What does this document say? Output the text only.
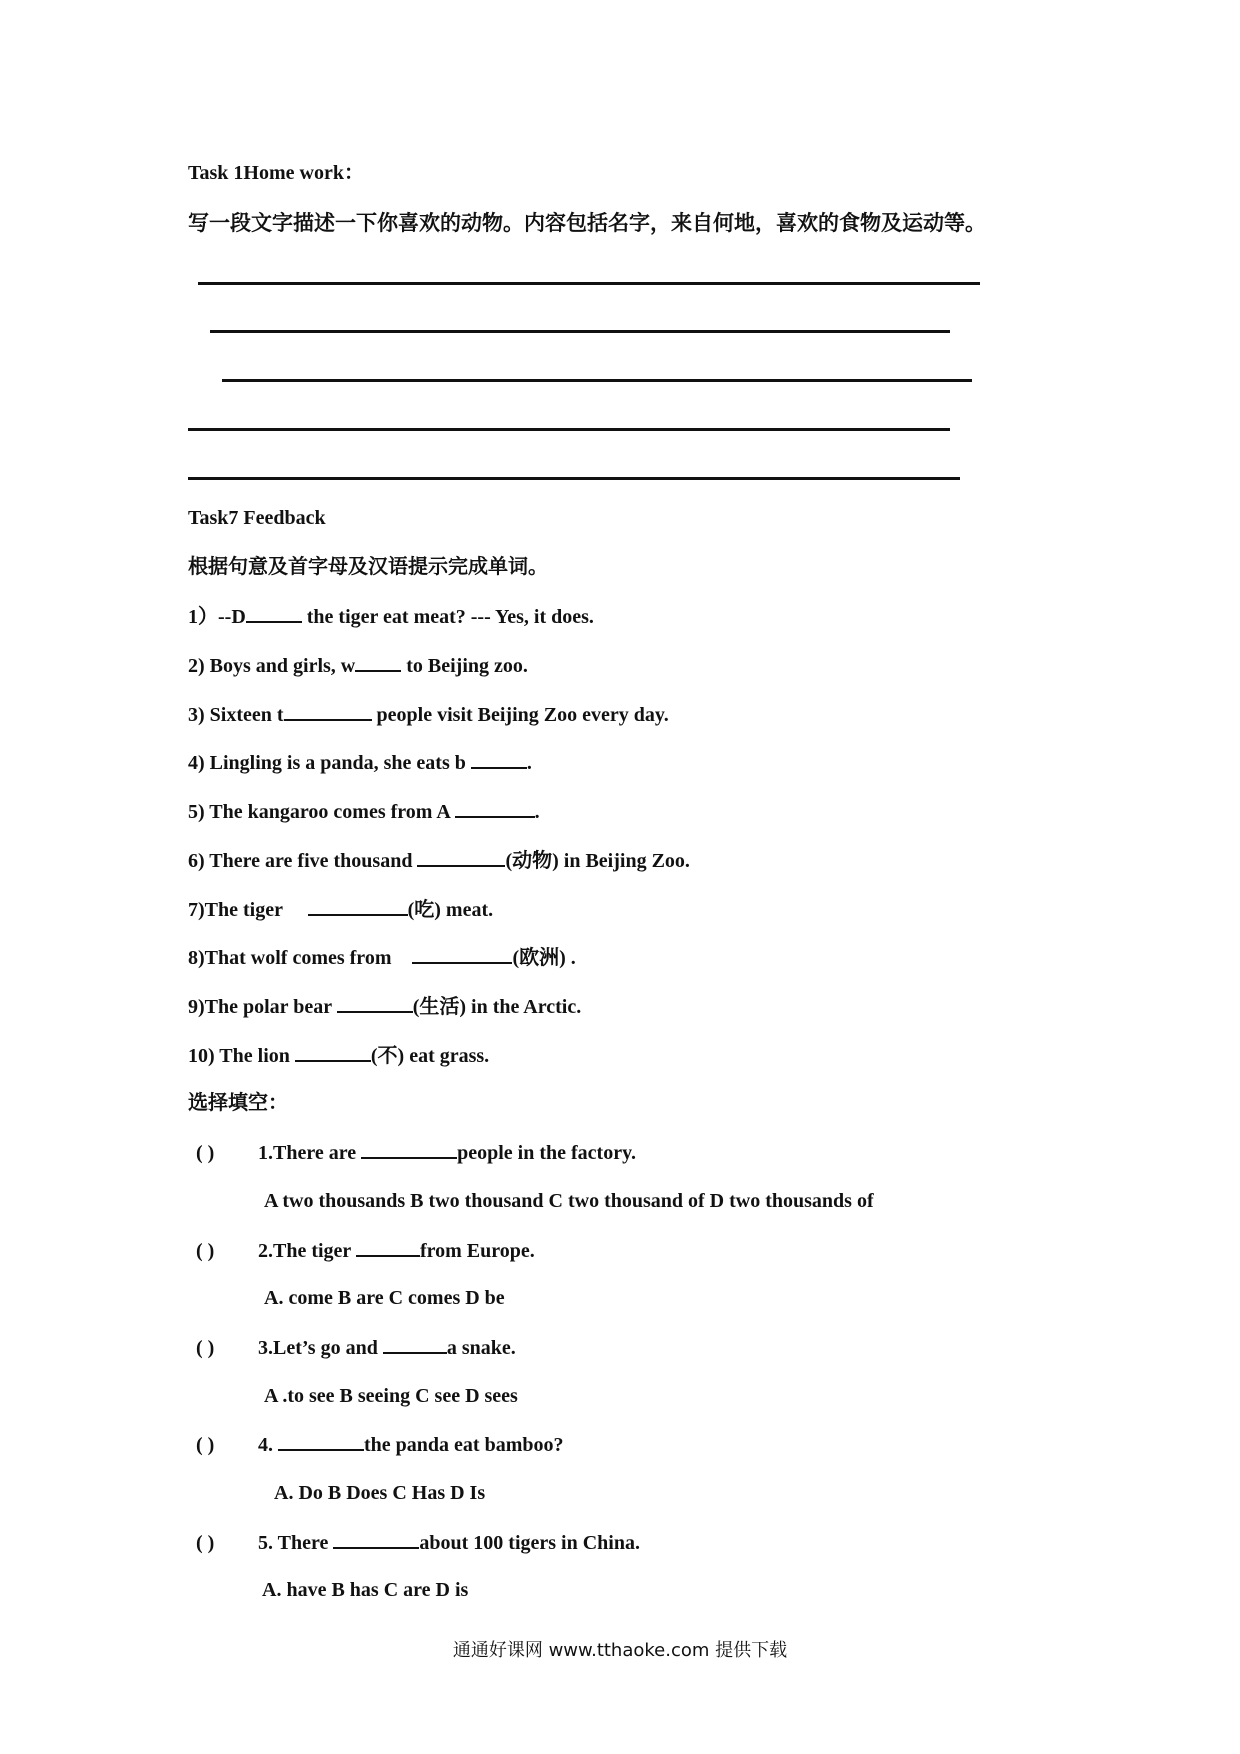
Task 1Home work：
写一段文字描述一下你喜欢的动物。内容包括名字，来自何地，喜欢的食物及运动等。
Task7 Feedback
根据句意及首字母及汉语提示完成单词。
1）--D	the tiger eat meat? --- Yes, it does.
2) Boys and girls, w to Beijing zoo.
3) Sixteen t	people visit Beijing Zoo every day.
4) Lingling is a panda, she eats b	.
5) The kangaroo comes from A	.
6) There are five thousand	(动物) in Beijing Zoo.
7)The tiger	(吃) meat.
8)That wolf comes from	(欧洲) .
9)The polar bear	(生活) in the Arctic.
10) The lion	(不) eat grass.
选择填空：
( ) 1.There are	people in the factory.
A two thousands B two thousand C two thousand of D two thousands of
( ) 2.The tiger	from Europe.
A. come B are C comes D be
( ) 3.Let’s go and	a snake.
A .to see B seeing C see D sees
( ) 4.	the panda eat bamboo?
A. Do B Does C Has D Is
( ) 5. There	about 100 tigers in China.
A. have B has C are D is
通通好课网 www.tthaoke.com 提供下载
